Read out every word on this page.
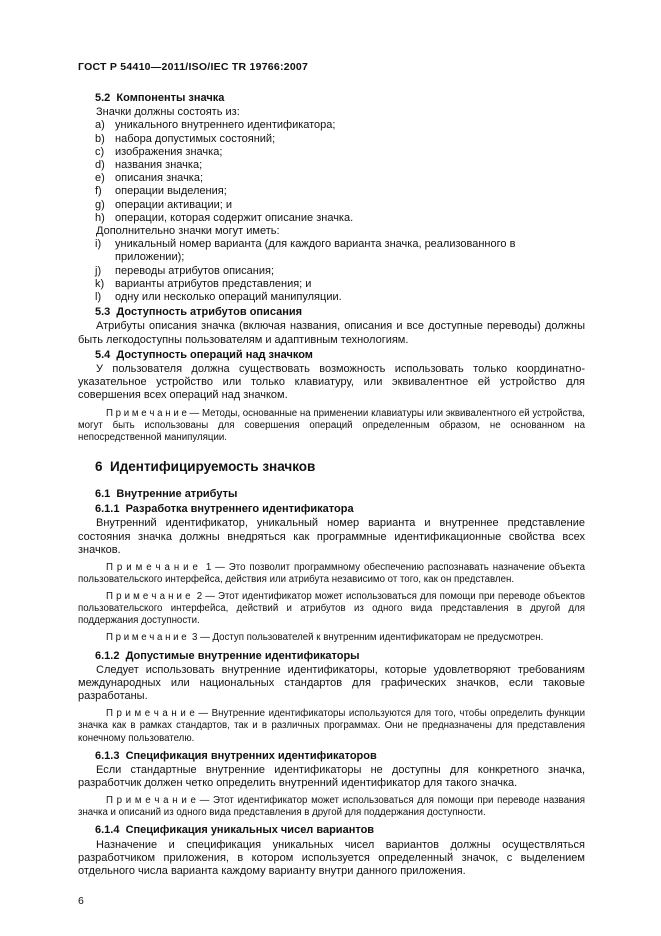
ГОСТ Р 54410—2011/ISO/IEC TR 19766:2007

5.2  Компоненты значка

Значки должны состоять из:

a) уникального внутреннего идентификатора;
b) набора допустимых состояний;
c) изображения значка;
d) названия значка;
e) описания значка;
f)	операции выделения;
g) операции активации; и
h) операции, которая содержит описание значка.

Дополнительно значки могут иметь:

i)	уникальный номер варианта (для каждого варианта значка, реализованного в приложении);
j)	переводы атрибутов описания;
k) варианты атрибутов представления; и
l)	одну или несколько операций манипуляции.

5.3  Доступность атрибутов описания

Атрибуты описания значка (включая названия, описания и все доступные переводы) должны быть легкодоступны пользователям и адаптивным технологиям.

5.4  Доступность операций над значком

У пользователя должна существовать возможность использовать только координатно-указательное устройство или только клавиатуру, или эквивалентное ей устройство для совершения всех операций над значком.

П р и м е ч а н и е — Методы, основанные на применении клавиатуры или эквивалентного ей устройства, могут быть использованы для совершения операций определенным образом, не основанном на непосредственной манипуляции.

6  Идентифицируемость значков

6.1  Внутренние атрибуты

6.1.1  Разработка внутреннего идентификатора

Внутренний идентификатор, уникальный номер варианта и внутреннее представление состояния значка должны внедряться как программные идентификационные свойства всех значков.

П р и м е ч а н и е  1 — Это позволит программному обеспечению распознавать назначение объекта пользовательского интерфейса, действия или атрибута независимо от того, как он представлен.

П р и м е ч а н и е  2 — Этот идентификатор может использоваться для помощи при переводе объектов пользовательского интерфейса, действий и атрибутов из одного вида представления в другой для поддержания доступности.

П р и м е ч а н и е  3 — Доступ пользователей к внутренним идентификаторам не предусмотрен.

6.1.2  Допустимые внутренние идентификаторы

Следует использовать внутренние идентификаторы, которые удовлетворяют требованиям международных или национальных стандартов для графических значков, если таковые разработаны.

П р и м е ч а н и е — Внутренние идентификаторы используются для того, чтобы определить функции значка как в рамках стандартов, так и в различных программах. Они не предназначены для представления конечному пользователю.

6.1.3  Спецификация внутренних идентификаторов

Если стандартные внутренние идентификаторы не доступны для конкретного значка, разработчик должен четко определить внутренний идентификатор для такого значка.

П р и м е ч а н и е — Этот идентификатор может использоваться для помощи при переводе названия значка и описаний из одного вида представления в другой для поддержания доступности.

6.1.4  Спецификация уникальных чисел вариантов

Назначение и спецификация уникальных чисел вариантов должны осуществляться разработчиком приложения, в котором используется определенный значок, с выделением отдельного числа варианта каждому варианту внутри данного приложения.

6
